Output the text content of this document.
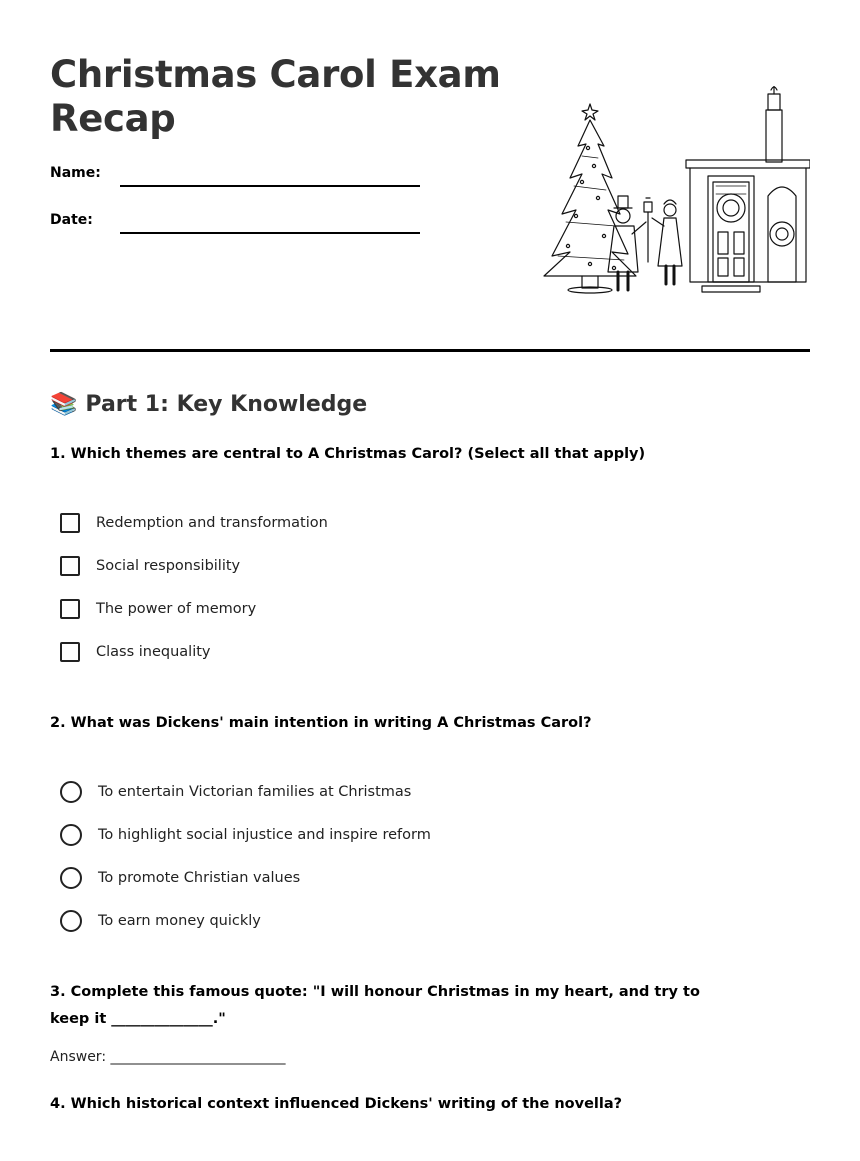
Christmas Carol Exam Recap
Name:
Date:
📚 Part 1: Key Knowledge
1. Which themes are central to A Christmas Carol? (Select all that apply)
Redemption and transformation
Social responsibility
The power of memory
Class inequality
2. What was Dickens' main intention in writing A Christmas Carol?
To entertain Victorian families at Christmas
To highlight social injustice and inspire reform
To promote Christian values
To earn money quickly
3. Complete this famous quote: "I will honour Christmas in my heart, and try to keep it ______________."
Answer: _________________________
4. Which historical context influenced Dickens' writing of the novella?
